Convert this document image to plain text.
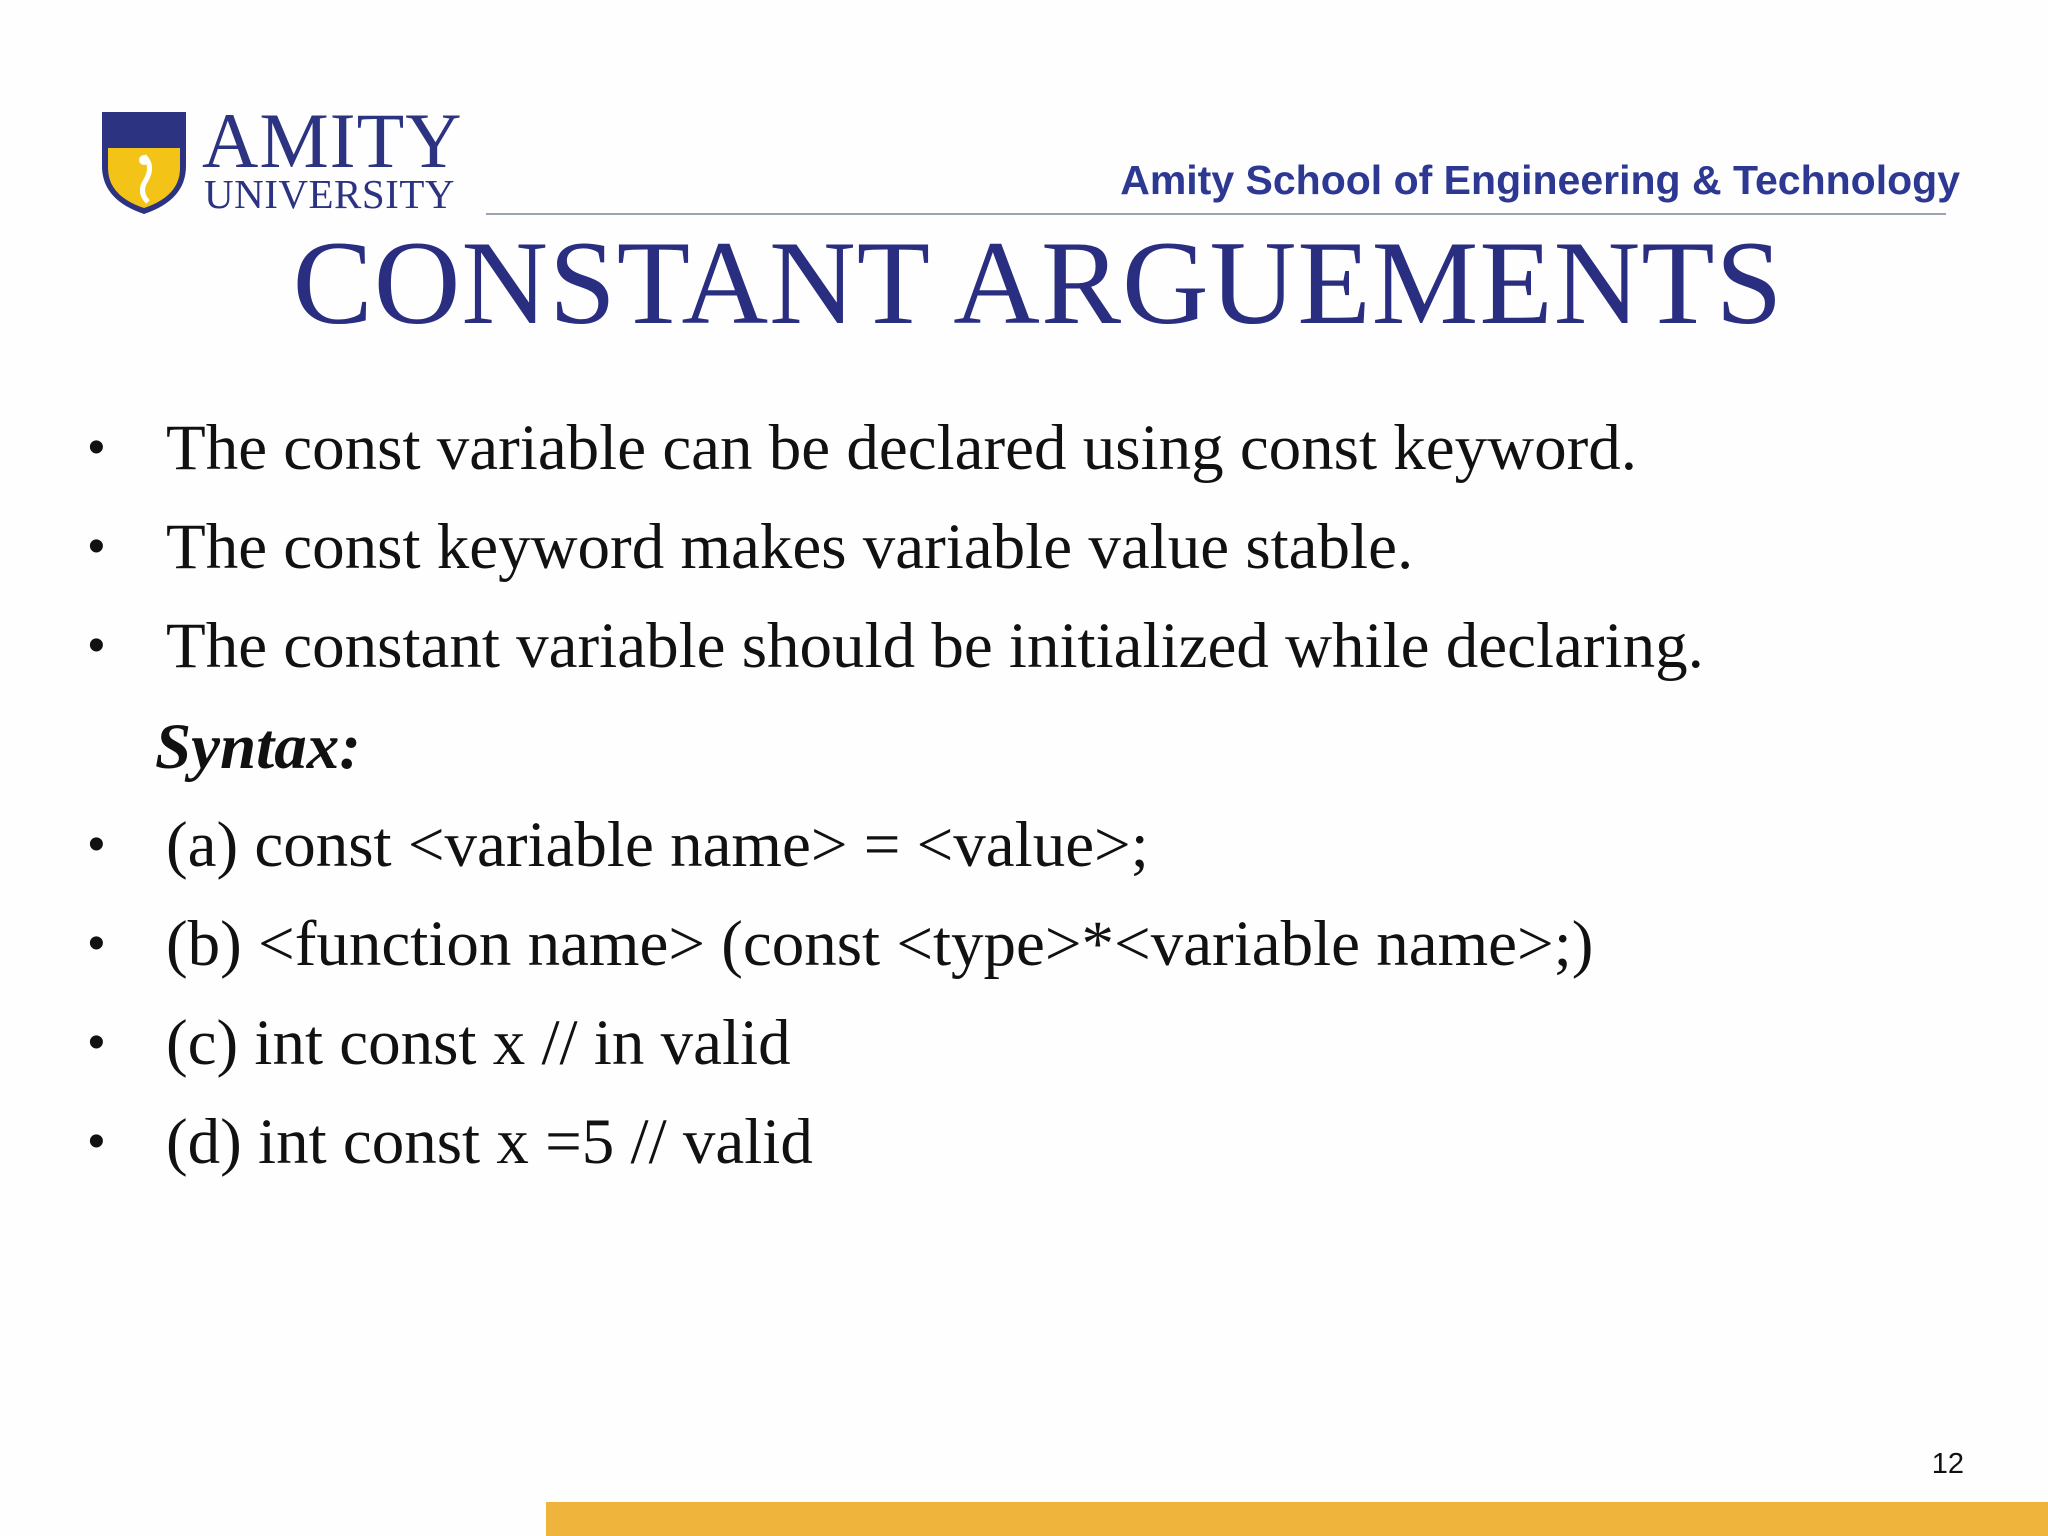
AMITY
UNIVERSITY	Amity School of Engineering & Technology
CONSTANT ARGUEMENTS
• The const variable can be declared using const keyword.
• The const keyword makes variable value stable.
• The constant variable should be initialized while declaring.
Syntax:
• (a) const <variable name> = <value>;
• (b) <function name> (const <type>*<variable name>;)
• (c) int const x // in valid
• (d) int const x =5 // valid
12
